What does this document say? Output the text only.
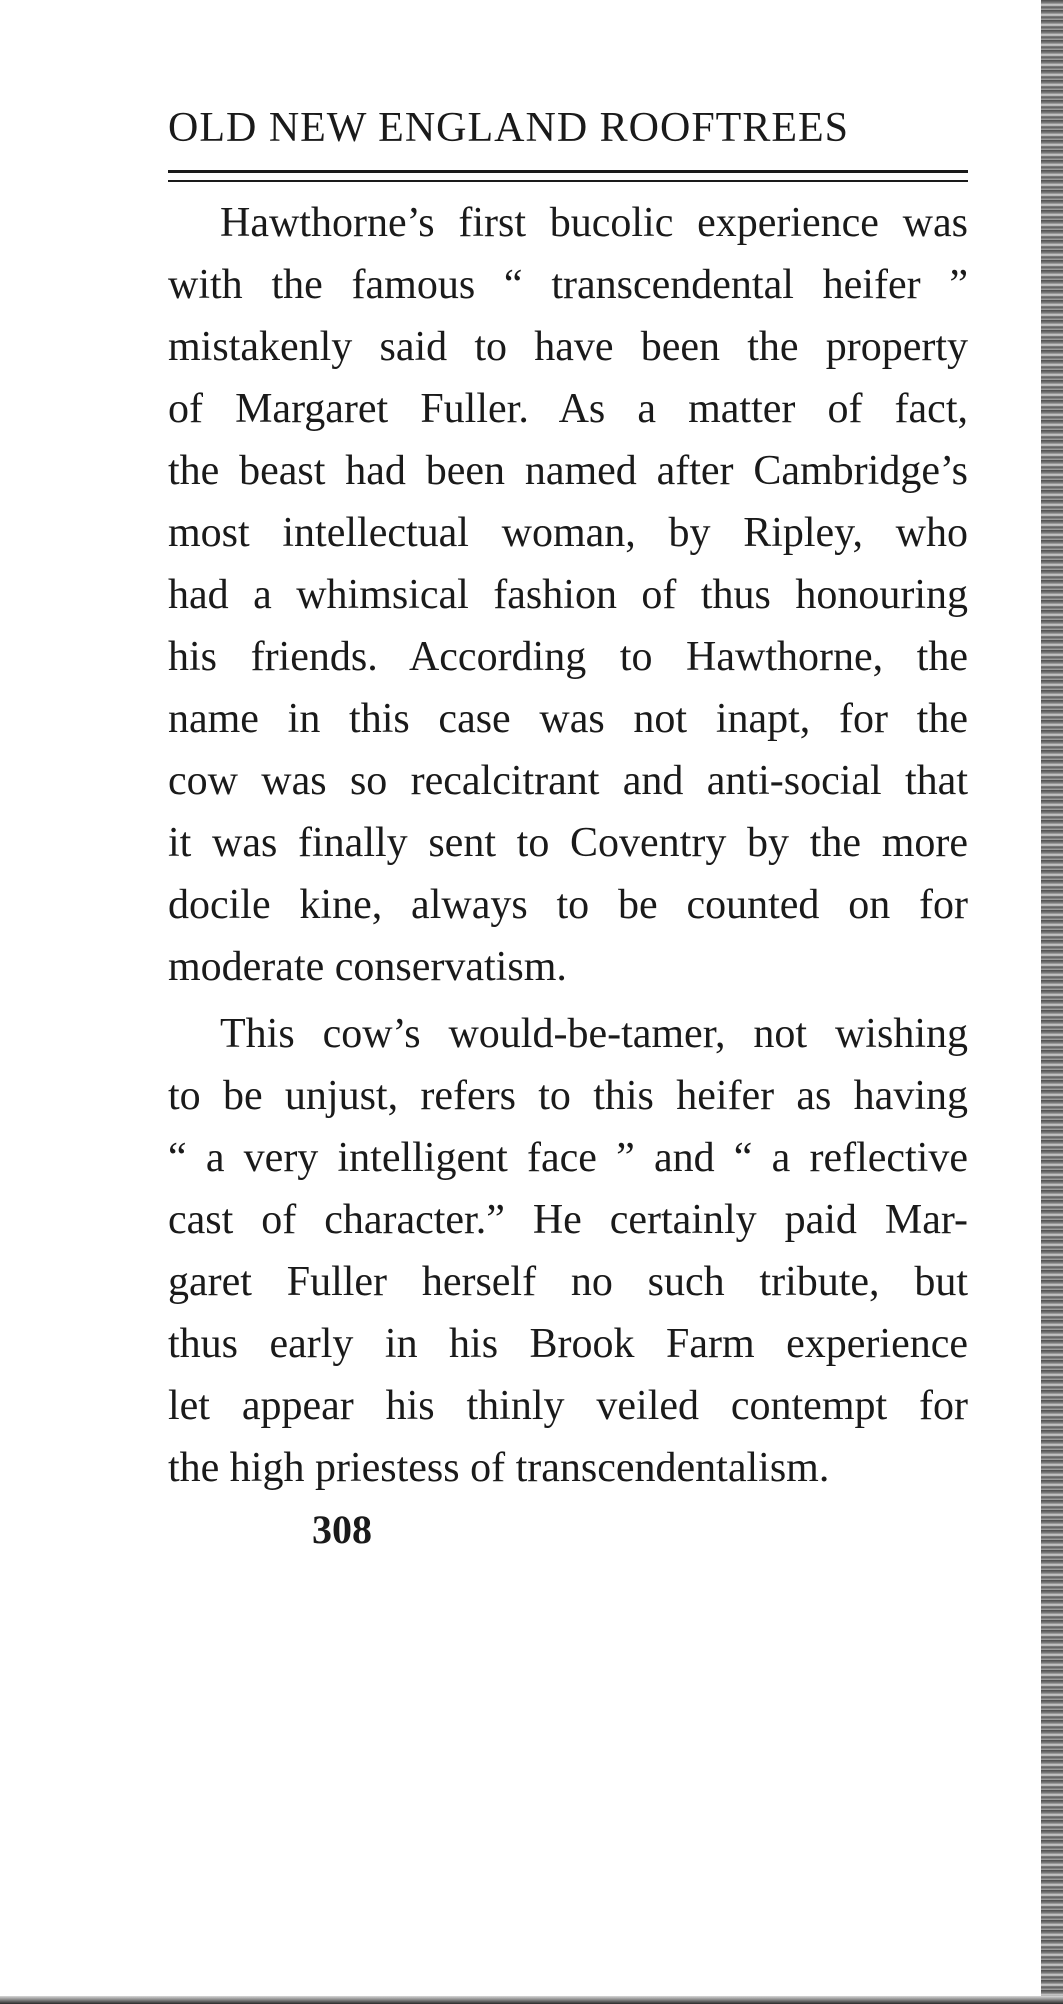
OLD NEW ENGLAND ROOFTREES
Hawthorne’s first bucolic experience was
with the famous “ transcendental heifer ”
mistakenly said to have been the property
of Margaret Fuller. As a matter of fact,
the beast had been named after Cambridge’s
most intellectual woman, by Ripley, who
had a whimsical fashion of thus honouring
his friends. According to Hawthorne, the
name in this case was not inapt, for the
cow was so recalcitrant and anti-social that
it was finally sent to Coventry by the more
docile kine, always to be counted on for
moderate conservatism.
This cow’s would-be-tamer, not wishing
to be unjust, refers to this heifer as having
“ a very intelligent face ” and “ a reflective
cast of character.” He certainly paid Mar-
garet Fuller herself no such tribute, but
thus early in his Brook Farm experience
let appear his thinly veiled contempt for
the high priestess of transcendentalism.
308
